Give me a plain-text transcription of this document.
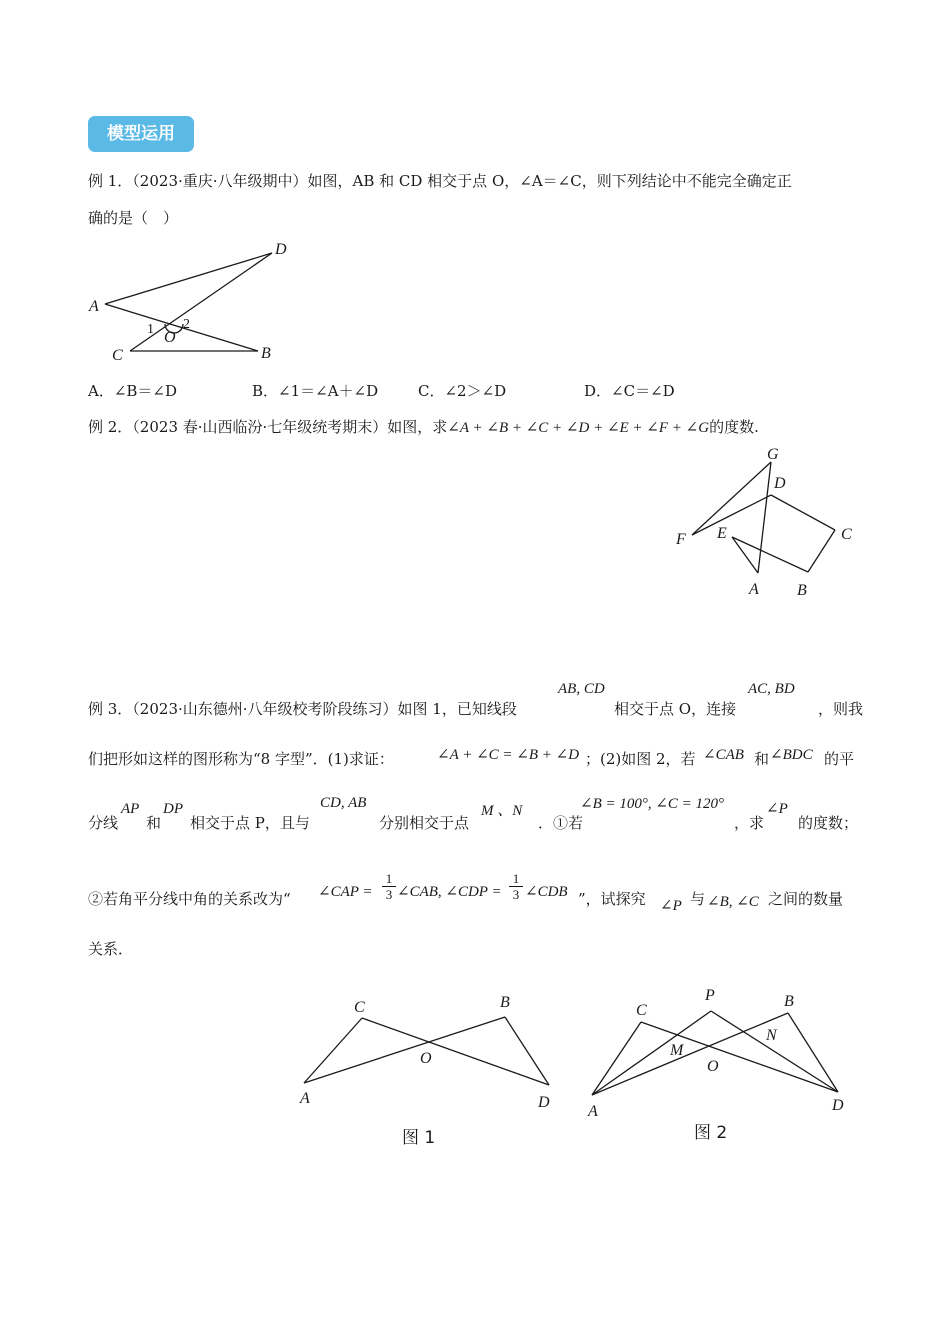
模型运用
例 1．（2023·重庆·八年级期中）如图，AB 和 CD 相交于点 O，∠A＝∠C，则下列结论中不能完全确定正
确的是（　）
D
A
1 2
O
C	B
A．∠B＝∠D	B．∠1＝∠A＋∠D	C．∠2＞∠D	D．∠C＝∠D
例 2．（2023 春·山西临汾·七年级统考期末）如图，求∠A + ∠B + ∠C + ∠D + ∠E + ∠F + ∠G的度数.
G
D
F E	C
A B
例 3．（2023·山东德州·八年级校考阶段练习）如图 1，已知线段
AB, CD
相交于点 O，连接
AC, BD
，则我
们把形如这样的图形称为“8 字型”．(1)求证：	∠A + ∠C = ∠B + ∠D ；(2)如图 2，若 ∠CAB 和 ∠BDC 的平
分线
AP
和
DP
相交于点 P，且与
CD, AB
分别相交于点
M 、N
．①若
∠B = 100°, ∠C = 120°
，求
∠P
的度数；
②若角平分线中角的关系改为“ ∠CAP = $\frac{1}{3}$ ∠CAB, ∠CDP = $\frac{1}{3}$ ∠CDB ”，试探究 ∠P 与 ∠B, ∠C 之间的数量
关系．
C	B
O
A	D
图 1
P
C
B
M
N
O
A	D
图 2
